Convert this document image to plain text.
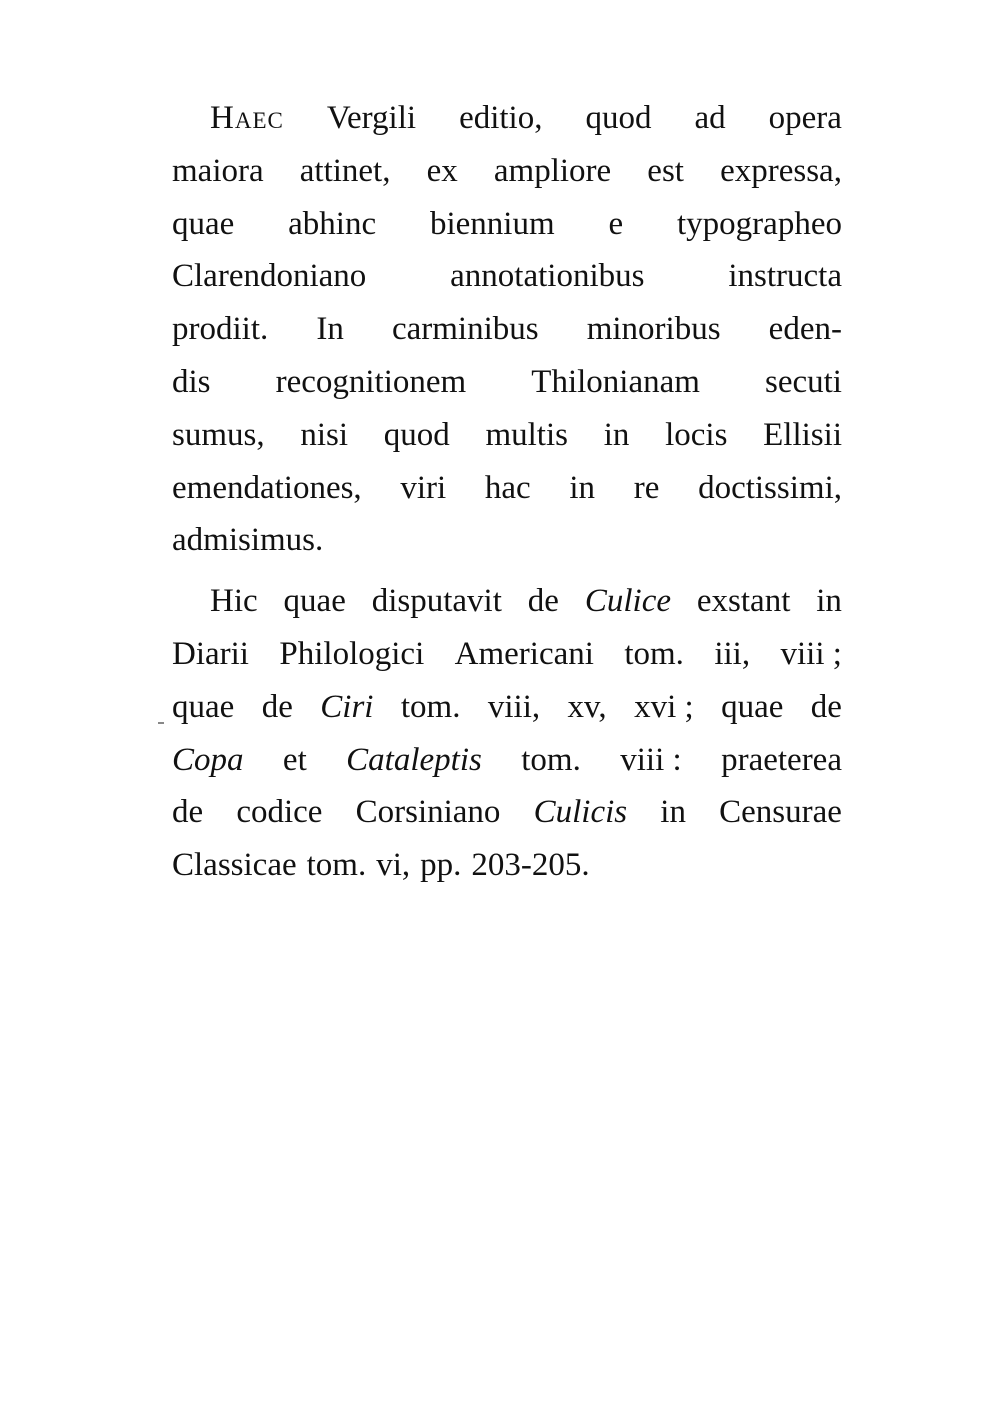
Haec Vergili editio, quod ad opera
maiora attinet, ex ampliore est expressa,
quae abhinc biennium e typographeo
Clarendoniano	annotationibus	instructa
prodiit. In carminibus minoribus eden-
dis recognitionem Thilonianam secuti
sumus, nisi quod multis in locis Ellisii
emendationes, viri hac in re doctissimi,
admisimus.
Hic quae disputavit de Culice exstant in
Diarii Philologici Americani tom. iii, viii ;
quae de Ciri tom. viii, xv, xvi ; quae de
Copa et Cataleptis tom. viii : praeterea
de codice Corsiniano Culicis in Censurae
Classicae tom. vi, pp. 203-205.
